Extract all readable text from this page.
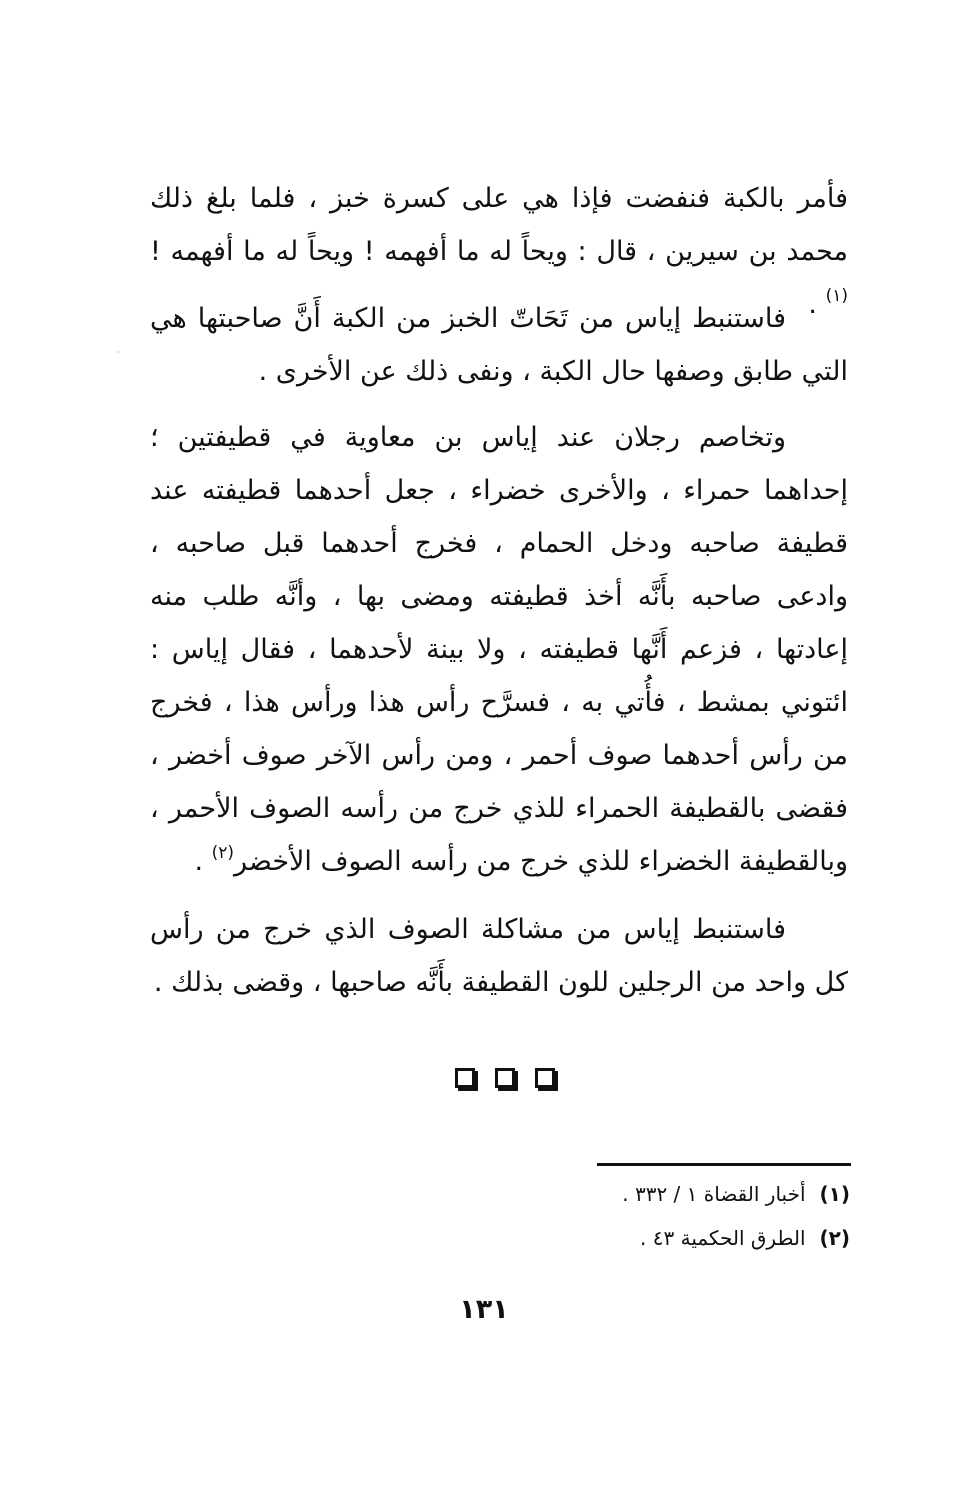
فأمر بالكبة فنفضت فإذا هي على كسرة خبز ، فلما بلغ ذلك محمد بن سيرين ، قال : ويحاً له ما أفهمه ! ويحاً له ما أفهمه !$^{(١)}$ .
فاستنبط إياس من تَحَاتّ الخبز من الكبة أَنَّ صاحبتها هي التي طابق وصفها حال الكبة ، ونفى ذلك عن الأخرى .
وتخاصم رجلان عند إياس بن معاوية في قطيفتين ؛ إحداهما حمراء ، والأخرى خضراء ، جعل أحدهما قطيفته عند قطيفة صاحبه ودخل الحمام ، فخرج أحدهما قبل صاحبه ، وادعى صاحبه بأَنَّه أخذ قطيفته ومضى بها ، وأنَّه طلب منه إعادتها ، فزعم أَنَّها قطيفته ، ولا بينة لأحدهما ، فقال إياس : ائتوني بمشط ، فأُتي به ، فسرَّح رأس هذا ورأس هذا ، فخرج من رأس أحدهما صوف أحمر ، ومن رأس الآخر صوف أخضر ، فقضى بالقطيفة الحمراء للذي خرج من رأسه الصوف الأحمر ، وبالقطيفة الخضراء للذي خرج من رأسه الصوف الأخضر$^{(٢)}$ .
فاستنبط إياس من مشاكلة الصوف الذي خرج من رأس كل واحد من الرجلين للون القطيفة بأَنَّه صاحبها ، وقضى بذلك .
(١)أخبار القضاة ١ / ٣٣٢ .
(٢)الطرق الحكمية ٤٣ .
١٣١
